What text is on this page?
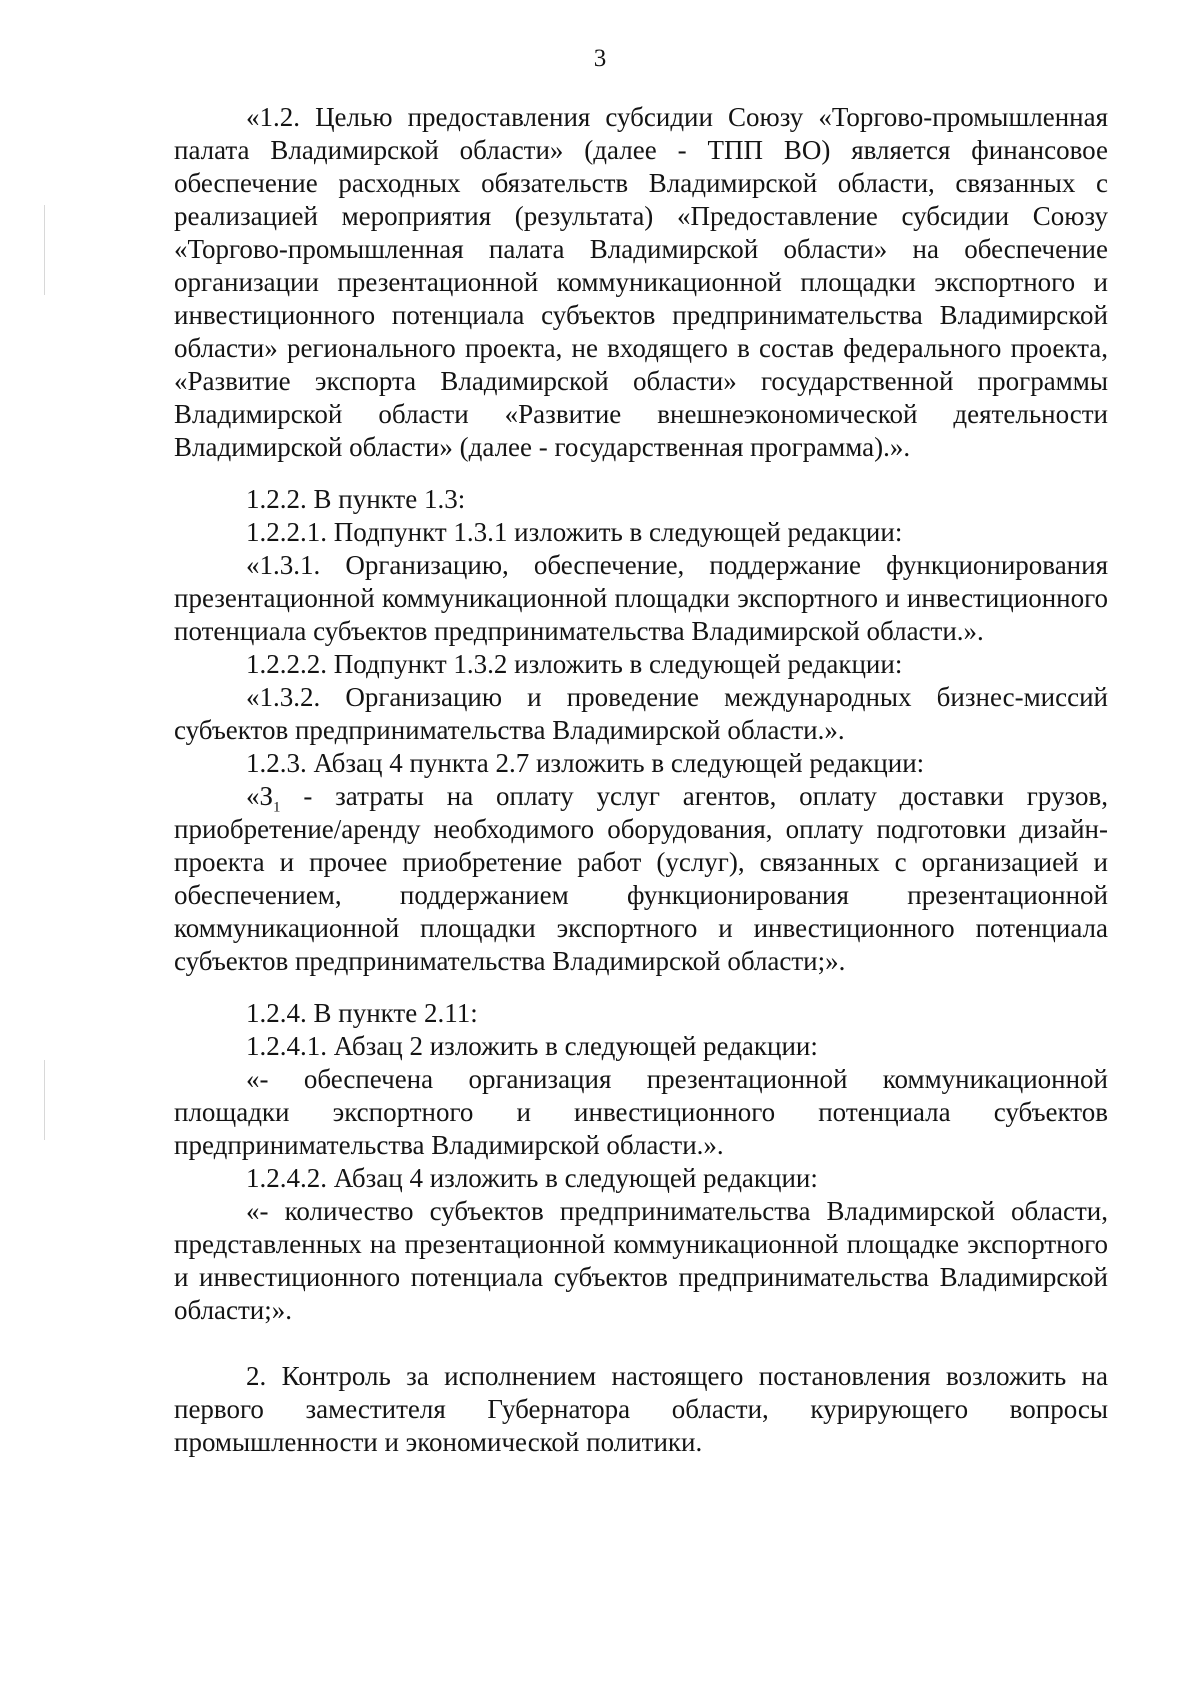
3

«1.2. Целью предоставления субсидии Союзу «Торгово-промышленная палата Владимирской области» (далее - ТПП ВО) является финансовое обеспечение расходных обязательств Владимирской области, связанных с реализацией мероприятия (результата) «Предоставление субсидии Союзу «Торгово-промышленная палата Владимирской области» на обеспечение организации презентационной коммуникационной площадки экспортного и инвестиционного потенциала субъектов предпринимательства Владимирской области» регионального проекта, не входящего в состав федерального проекта, «Развитие экспорта Владимирской области» государственной программы Владимирской области «Развитие внешнеэкономической деятельности Владимирской области» (далее - государственная программа).».

1.2.2. В пункте 1.3:

1.2.2.1. Подпункт 1.3.1 изложить в следующей редакции:

«1.3.1. Организацию, обеспечение, поддержание функционирования презентационной коммуникационной площадки экспортного и инвестиционного потенциала субъектов предпринимательства Владимирской области.».

1.2.2.2. Подпункт 1.3.2 изложить в следующей редакции:

«1.3.2. Организацию и проведение международных бизнес-миссий субъектов предпринимательства Владимирской области.».

1.2.3. Абзац 4 пункта 2.7 изложить в следующей редакции:

«$З_1$ - затраты на оплату услуг агентов, оплату доставки грузов, приобретение/аренду необходимого оборудования, оплату подготовки дизайн-проекта и прочее приобретение работ (услуг), связанных с организацией и обеспечением, поддержанием функционирования презентационной коммуникационной площадки экспортного и инвестиционного потенциала субъектов предпринимательства Владимирской области;».

1.2.4. В пункте 2.11:

1.2.4.1. Абзац 2 изложить в следующей редакции:

«- обеспечена организация презентационной коммуникационной площадки экспортного и инвестиционного потенциала субъектов предпринимательства Владимирской области.».

1.2.4.2. Абзац 4 изложить в следующей редакции:

«- количество субъектов предпринимательства Владимирской области, представленных на презентационной коммуникационной площадке экспортного и инвестиционного потенциала субъектов предпринимательства Владимирской области;».

2. Контроль за исполнением настоящего постановления возложить на первого заместителя Губернатора области, курирующего вопросы промышленности и экономической политики.
